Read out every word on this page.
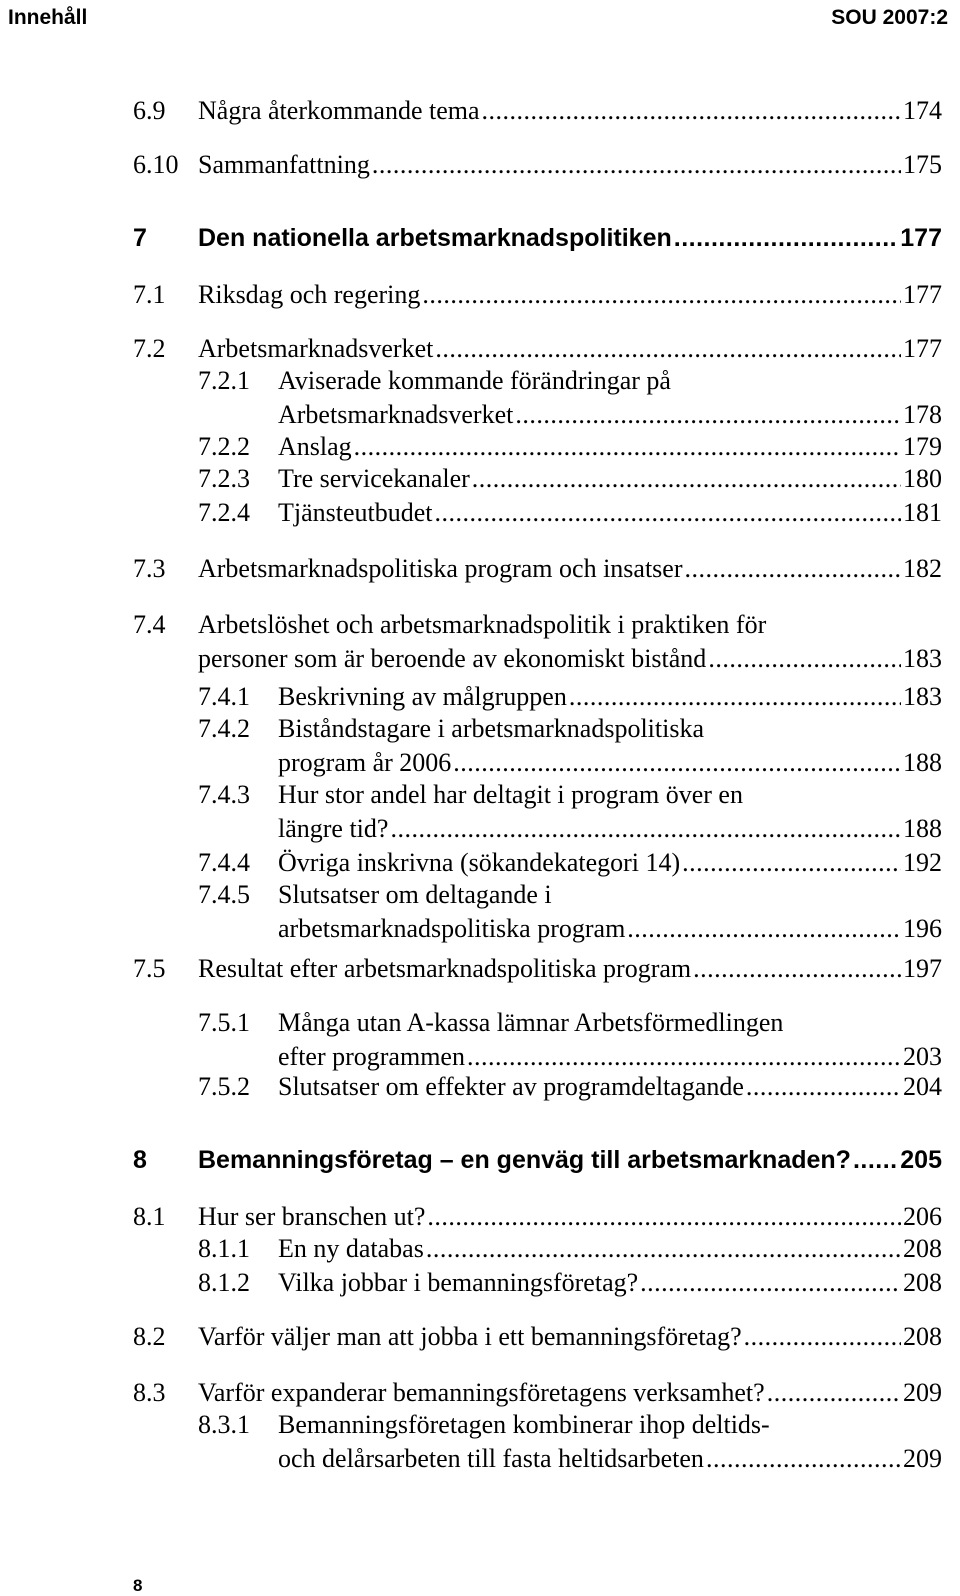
Innehåll	SOU 2007:2
6.9 Några återkommande tema .....	174
6.10 Sammanfattning .....	175
7 Den nationella arbetsmarknadspolitiken .....	177
7.1 Riksdag och regering .....	177
7.2 Arbetsmarknadsverket .....	177
7.2.1 Aviserade kommande förändringar på
Arbetsmarknadsverket .....	178
7.2.2 Anslag .....	179
7.2.3 Tre servicekanaler .....	180
7.2.4 Tjänsteutbudet .....	181
7.3 Arbetsmarknadspolitiska program och insatser .....	182
7.4 Arbetslöshet och arbetsmarknadspolitik i praktiken för
personer som är beroende av ekonomiskt bistånd .....	183
7.4.1 Beskrivning av målgruppen .....	183
7.4.2 Biståndstagare i arbetsmarknadspolitiska
program år 2006 .....	188
7.4.3 Hur stor andel har deltagit i program över en
längre tid? .....	188
7.4.4 Övriga inskrivna (sökandekategori 14) .....	192
7.4.5 Slutsatser om deltagande i
arbetsmarknadspolitiska program .....	196
7.5 Resultat efter arbetsmarknadspolitiska program .....	197
7.5.1 Många utan A-kassa lämnar Arbetsförmedlingen
efter programmen .....	203
7.5.2 Slutsatser om effekter av programdeltagande .....	204
8 Bemanningsföretag – en genväg till arbetsmarknaden? ..... 205
8.1 Hur ser branschen ut? .....	206
8.1.1 En ny databas .....	208
8.1.2 Vilka jobbar i bemanningsföretag? .....	208
8.2 Varför väljer man att jobba i ett bemanningsföretag? .....	208
8.3 Varför expanderar bemanningsföretagens verksamhet? .....	209
8.3.1 Bemanningsföretagen kombinerar ihop deltids-
och delårsarbeten till fasta heltidsarbeten .....	209
8
